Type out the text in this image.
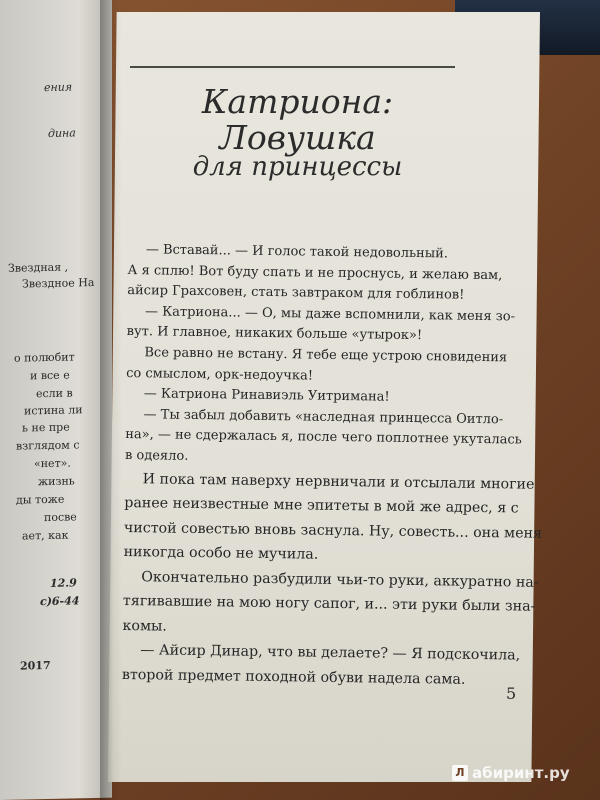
ения
дина
Звездная ,
Звездное На
о полюбит
и все е
если в
истина ли
ь не пре
взглядом с
«нет».
жизнь
ды тоже
посве
ает, как
12.9
с)6-44
2017
Катриона:
Ловушка
для принцессы
— Вставай... — И голос такой недовольный.
А я сплю! Вот буду спать и не проснусь, и желаю вам,
айсир Грахсовен, стать завтраком для гоблинов!
— Катриона... — О, мы даже вспомнили, как меня зо-
вут. И главное, никаких больше «утырок»!
Все равно не встану. Я тебе еще устрою сновидения
со смыслом, орк-недоучка!
— Катриона Ринавиэль Уитримана!
— Ты забыл добавить «наследная принцесса Оитло-
на», — не сдержалась я, после чего поплотнее укуталась
в одеяло.
И пока там наверху нервничали и отсылали многие
ранее неизвестные мне эпитеты в мой же адрес, я с
чистой совестью вновь заснула. Ну, совесть... она меня
никогда особо не мучила.
Окончательно разбудили чьи-то руки, аккуратно на-
тягивавшие на мою ногу сапог, и... эти руки были зна-
комы.
— Айсир Динар, что вы делаете? — Я подскочила,
второй предмет походной обуви надела сама.
5
Л абиринт.ру
